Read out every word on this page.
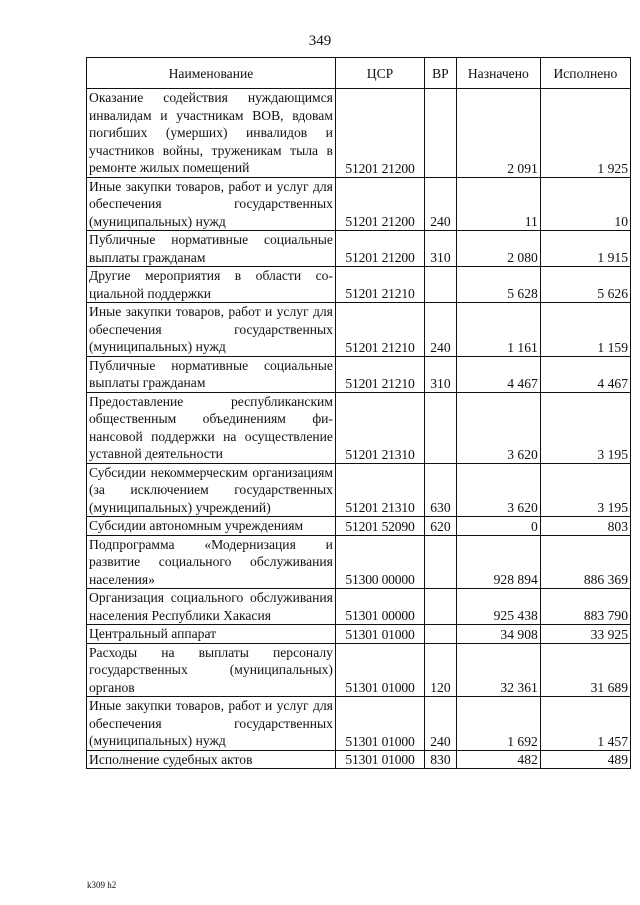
349
Наименование	ЦСР	ВР	Назначено	Исполнено
Оказание содействия нуждающимся инвалидам и участникам ВОВ, вдовам погибших (умерших) инвалидов и участников войны, труженикам тыла в ремонте жилых помещений	51201 21200		2 091	1 925
Иные закупки товаров, работ и услуг для обеспечения государственных (муниципальных) нужд	51201 21200	240	11	10
Публичные нормативные социальные выплаты гражданам	51201 21200	310	2 080	1 915
Другие мероприятия в области социальной поддержки	51201 21210		5 628	5 626
Иные закупки товаров, работ и услуг для обеспечения государственных (муниципальных) нужд	51201 21210	240	1 161	1 159
Публичные нормативные социальные выплаты гражданам	51201 21210	310	4 467	4 467
Предоставление республиканским общественным объединениям финансовой поддержки на осуществление уставной деятельности	51201 21310		3 620	3 195
Субсидии некоммерческим организациям (за исключением государственных (муниципальных) учреждений)	51201 21310	630	3 620	3 195
Субсидии автономным учреждениям	51201 52090	620	0	803
Подпрограмма «Модернизация и развитие социального обслуживания населения»	51300 00000		928 894	886 369
Организация социального обслуживания населения Республики Хакасия	51301 00000		925 438	883 790
Центральный аппарат	51301 01000		34 908	33 925
Расходы на выплаты персоналу государственных (муниципальных) органов	51301 01000	120	32 361	31 689
Иные закупки товаров, работ и услуг для обеспечения государственных (муниципальных) нужд	51301 01000	240	1 692	1 457
Исполнение судебных актов	51301 01000	830	482	489
k309 h2
